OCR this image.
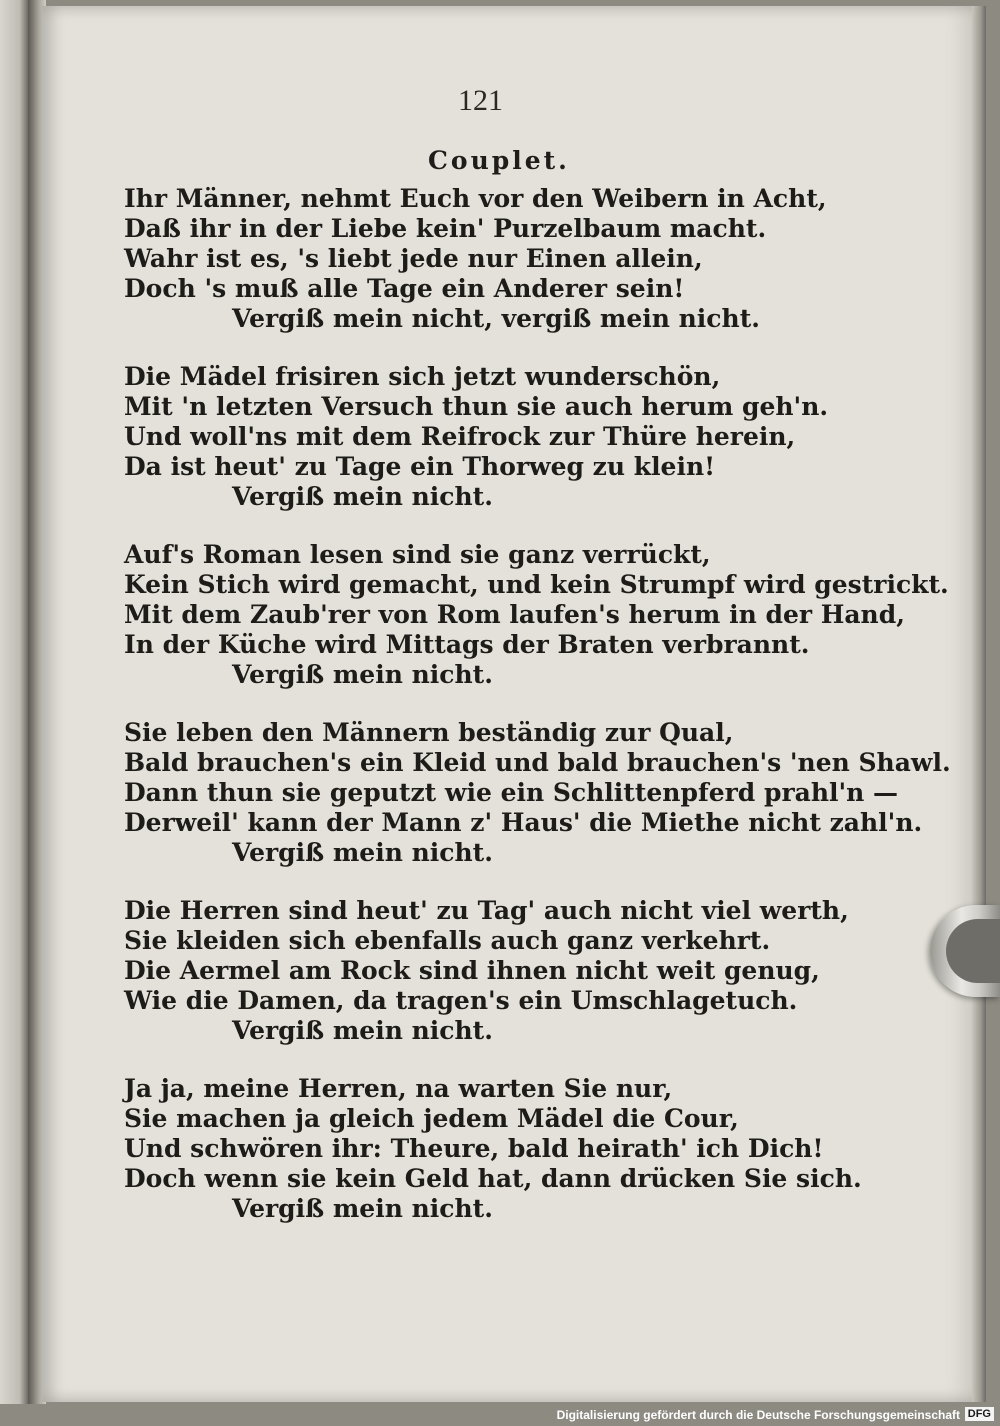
121
Couplet.
Ihr Männer, nehmt Euch vor den Weibern in Acht,
Daß ihr in der Liebe kein' Purzelbaum macht.
Wahr ist es, 's liebt jede nur Einen allein,
Doch 's muß alle Tage ein Anderer sein!
Vergiß mein nicht, vergiß mein nicht.
Die Mädel frisiren sich jetzt wunderschön,
Mit 'n letzten Versuch thun sie auch herum geh'n.
Und woll'ns mit dem Reifrock zur Thüre herein,
Da ist heut' zu Tage ein Thorweg zu klein!
Vergiß mein nicht.
Auf's Roman lesen sind sie ganz verrückt,
Kein Stich wird gemacht, und kein Strumpf wird gestrickt.
Mit dem Zaub'rer von Rom laufen's herum in der Hand,
In der Küche wird Mittags der Braten verbrannt.
Vergiß mein nicht.
Sie leben den Männern beständig zur Qual,
Bald brauchen's ein Kleid und bald brauchen's 'nen Shawl.
Dann thun sie geputzt wie ein Schlittenpferd prahl'n —
Derweil' kann der Mann z' Haus' die Miethe nicht zahl'n.
Vergiß mein nicht.
Die Herren sind heut' zu Tag' auch nicht viel werth,
Sie kleiden sich ebenfalls auch ganz verkehrt.
Die Aermel am Rock sind ihnen nicht weit genug,
Wie die Damen, da tragen's ein Umschlagetuch.
Vergiß mein nicht.
Ja ja, meine Herren, na warten Sie nur,
Sie machen ja gleich jedem Mädel die Cour,
Und schwören ihr: Theure, bald heirath' ich Dich!
Doch wenn sie kein Geld hat, dann drücken Sie sich.
Vergiß mein nicht.
Digitalisierung gefördert durch die Deutsche Forschungsgemeinschaft DFG
